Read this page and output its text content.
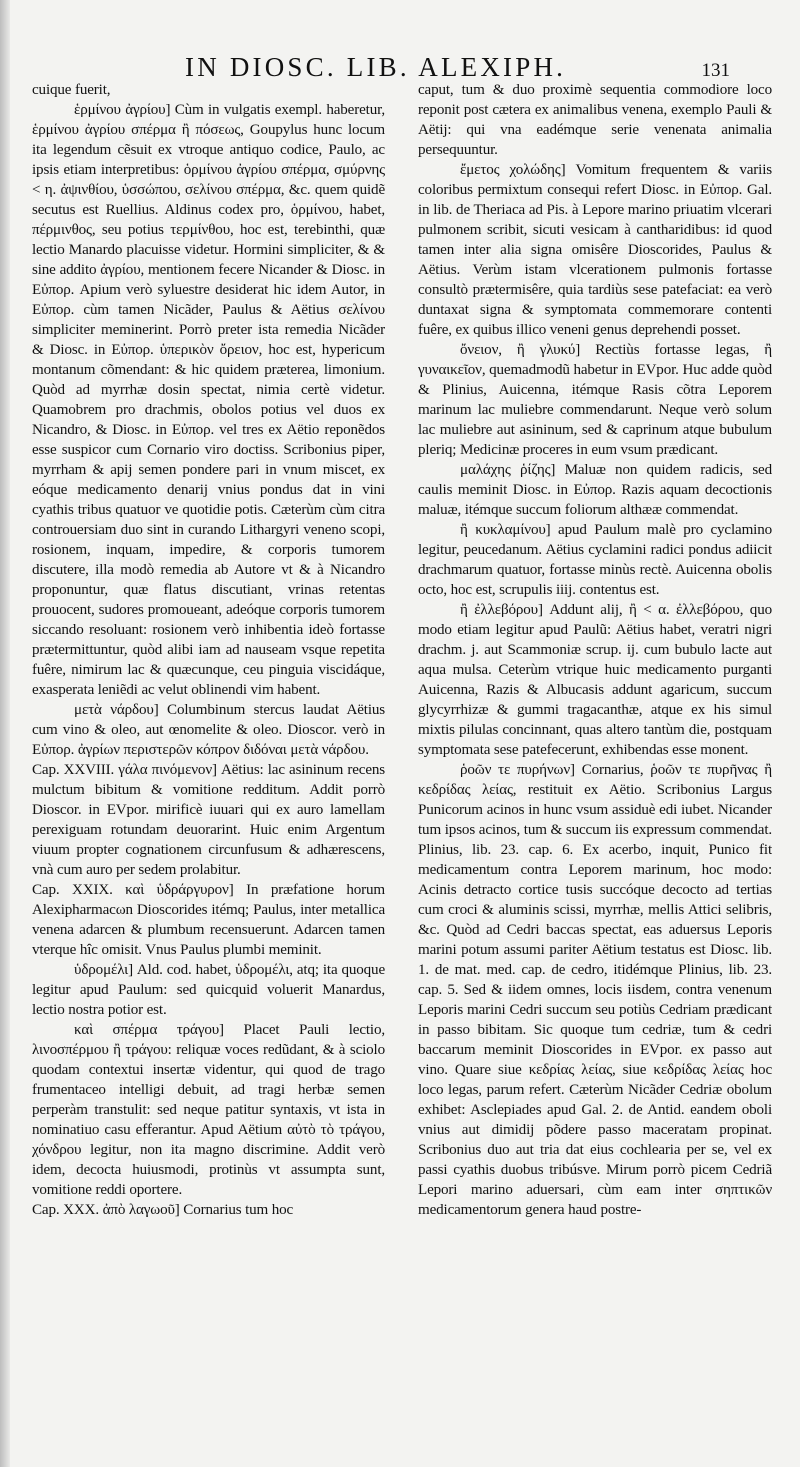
IN DIOSC. LIB. ALEXIPH.	131

cuique fuerit,

ἑρμίνου ἀγρίου] Cùm in vulgatis exempl. haberetur, ἑρμίνου ἀγρίου σπέρμα ἢ πόσεως, Goupylus hunc locum ita legendum cẽsuit ex vtroque antiquo codice, Paulo, ac ipsis etiam interpretibus: ὁρμίνου ἀγρίου σπέρμα, σμύρνης < η. ἀψινθίου, ὑσσώπου, σελίνου σπέρμα, &c. quem quidẽ secutus est Ruellius. Aldinus codex pro, ὁρμίνου, habet, πέρμινθος, seu potius τερμίνθου, hoc est, terebinthi, quæ lectio Manardo placuisse videtur. Hormini simpliciter, & & sine addito ἀγρίου, mentionem fecere Nicander & Diosc. in Εὐπορ. Apium verò syluestre desiderat hic idem Autor, in Εὐπορ. cùm tamen Nicãder, Paulus & Aëtius σελίνου simpliciter meminerint. Porrò preter ista remedia Nicãder & Diosc. in Εὐπορ. ὑπερικὸν ὄρειον, hoc est, hypericum montanum cõmendant: & hic quidem præterea, limonium. Quòd ad myrrhæ dosin spectat, nimia certè videtur. Quamobrem pro drachmis, obolos potius vel duos ex Nicandro, & Diosc. in Εὐπορ. vel tres ex Aëtio reponẽdos esse suspicor cum Cornario viro doctiss. Scribonius piper, myrrham & apij semen pondere pari in vnum miscet, ex eóque medicamento denarij vnius pondus dat in vini cyathis tribus quatuor ve quotidie potis. Cæterùm cùm citra controuersiam duo sint in curando Lithargyri veneno scopi, rosionem, inquam, impedire, & corporis tumorem discutere, illa modò remedia ab Autore vt & à Nicandro proponuntur, quæ flatus discutiant, vrinas retentas prouocent, sudores promoueant, adeóque corporis tumorem siccando resoluant: rosionem verò inhibentia ideò fortasse prætermittuntur, quòd alibi iam ad nauseam vsque repetita fuêre, nimirum lac & quæcunque, ceu pinguia viscidáque, exasperata leniẽdi ac velut oblinendi vim habent.

μετὰ νάρδου] Columbinum stercus laudat Aëtius cum vino & oleo, aut œnomelite & oleo. Dioscor. verò in Εὐπορ. ἀγρίων περιστερῶν κόπρον διδόναι μετὰ νάρδου.

Cap. XXVIII. γάλα πινόμενον] Aëtius: lac asininum recens mulctum bibitum & vomitione redditum. Addit porrò Dioscor. in EVpor. mirificè iuuari qui ex auro lamellam perexiguam rotundam deuorarint. Huic enim Argentum viuum propter cognationem circunfusum & adhærescens, vnà cum auro per sedem prolabitur.

Cap. XXIX. καὶ ὑδράργυρον] In præfatione horum Alexipharmacωn Dioscorides itémq; Paulus, inter metallica venena adarcen & plumbum recensuerunt. Adarcen tamen vterque hîc omisit. Vnus Paulus plumbi meminit.

ὑδρομέλι] Ald. cod. habet, ὑδρομέλι, atq; ita quoque legitur apud Paulum: sed quicquid voluerit Manardus, lectio nostra potior est.

καὶ σπέρμα τράγου] Placet Pauli lectio, λινοσπέρμου ἢ τράγου: reliquæ voces redũdant, & à sciolo quodam contextui insertæ videntur, qui quod de trago frumentaceo intelligi debuit, ad tragi herbæ semen perperàm transtulit: sed neque patitur syntaxis, vt ista in nominatiuo casu efferantur. Apud Aëtium αὐτὸ τὸ τράγου, χόνδρου legitur, non ita magno discrimine. Addit verò idem, decocta huiusmodi, protinùs vt assumpta sunt, vomitione reddi oportere.

Cap. XXX. ἀπὸ λαγωοῦ] Cornarius tum hoc

caput, tum & duo proximè sequentia commodiore loco reponit post cætera ex animalibus venena, exemplo Pauli & Aëtij: qui vna eadémque serie venenata animalia persequuntur.

ἔμετος χολώδης] Vomitum frequentem & variis coloribus permixtum consequi refert Diosc. in Εὐπορ. Gal. in lib. de Theriaca ad Pis. à Lepore marino priuatim vlcerari pulmonem scribit, sicuti vesicam à cantharidibus: id quod tamen inter alia signa omisêre Dioscorides, Paulus & Aëtius. Verùm istam vlcerationem pulmonis fortasse consultò prætermisêre, quia tardiùs sese patefaciat: ea verò duntaxat signa & symptomata commemorare contenti fuêre, ex quibus illico veneni genus deprehendi posset.

ὄνειον, ἢ γλυκύ] Rectiùs fortasse legas, ἢ γυναικεῖον, quemadmodũ habetur in EVpor. Huc adde quòd & Plinius, Auicenna, itémque Rasis cõtra Leporem marinum lac muliebre commendarunt. Neque verò solum lac muliebre aut asininum, sed & caprinum atque bubulum pleriq; Medicinæ proceres in eum vsum prædicant.

μαλάχης ῥίζης] Maluæ non quidem radicis, sed caulis meminit Diosc. in Εὐπορ. Razis aquam decoctionis maluæ, itémque succum foliorum althææ commendat.

ἢ κυκλαμίνου] apud Paulum malè pro cyclamino legitur, peucedanum. Aëtius cyclamini radici pondus adiicit drachmarum quatuor, fortasse minùs rectè. Auicenna obolis octo, hoc est, scrupulis iiij. contentus est.

ἢ ἐλλεβόρου] Addunt alij, ἢ < α. ἐλλεβόρου, quo modo etiam legitur apud Paulũ: Aëtius habet, veratri nigri drachm. j. aut Scammoniæ scrup. ij. cum bubulo lacte aut aqua mulsa. Ceterùm vtrique huic medicamento purganti Auicenna, Razis & Albucasis addunt agaricum, succum glycyrrhizæ & gummi tragacanthæ, atque ex his simul mixtis pilulas concinnant, quas altero tantùm die, postquam symptomata sese patefecerunt, exhibendas esse monent.

ῥοῶν τε πυρήνων] Cornarius, ῥοῶν τε πυρῆνας ἢ κεδρίδας λείας, restituit ex Aëtio. Scribonius Largus Punicorum acinos in hunc vsum assiduè edi iubet. Nicander tum ipsos acinos, tum & succum iis expressum commendat. Plinius, lib. 23. cap. 6. Ex acerbo, inquit, Punico fit medicamentum contra Leporem marinum, hoc modo: Acinis detracto cortice tusis succóque decocto ad tertias cum croci & aluminis scissi, myrrhæ, mellis Attici selibris, &c. Quòd ad Cedri baccas spectat, eas aduersus Leporis marini potum assumi pariter Aëtium testatus est Diosc. lib. 1. de mat. med. cap. de cedro, itidémque Plinius, lib. 23. cap. 5. Sed & iidem omnes, locis iisdem, contra venenum Leporis marini Cedri succum seu potiùs Cedriam prædicant in passo bibitam. Sic quoque tum cedriæ, tum & cedri baccarum meminit Dioscorides in EVpor. ex passo aut vino. Quare siue κεδρίας λείας, siue κεδρίδας λείας hoc loco legas, parum refert. Cæterùm Nicãder Cedriæ obolum exhibet: Asclepiades apud Gal. 2. de Antid. eandem oboli vnius aut dimidij põdere passo maceratam propinat. Scribonius duo aut tria dat eius cochlearia per se, vel ex passi cyathis duobus tribúsve. Mirum porrò picem Cedriã Lepori marino aduersari, cùm eam inter σηπτικῶν medicamentorum genera haud postre-
